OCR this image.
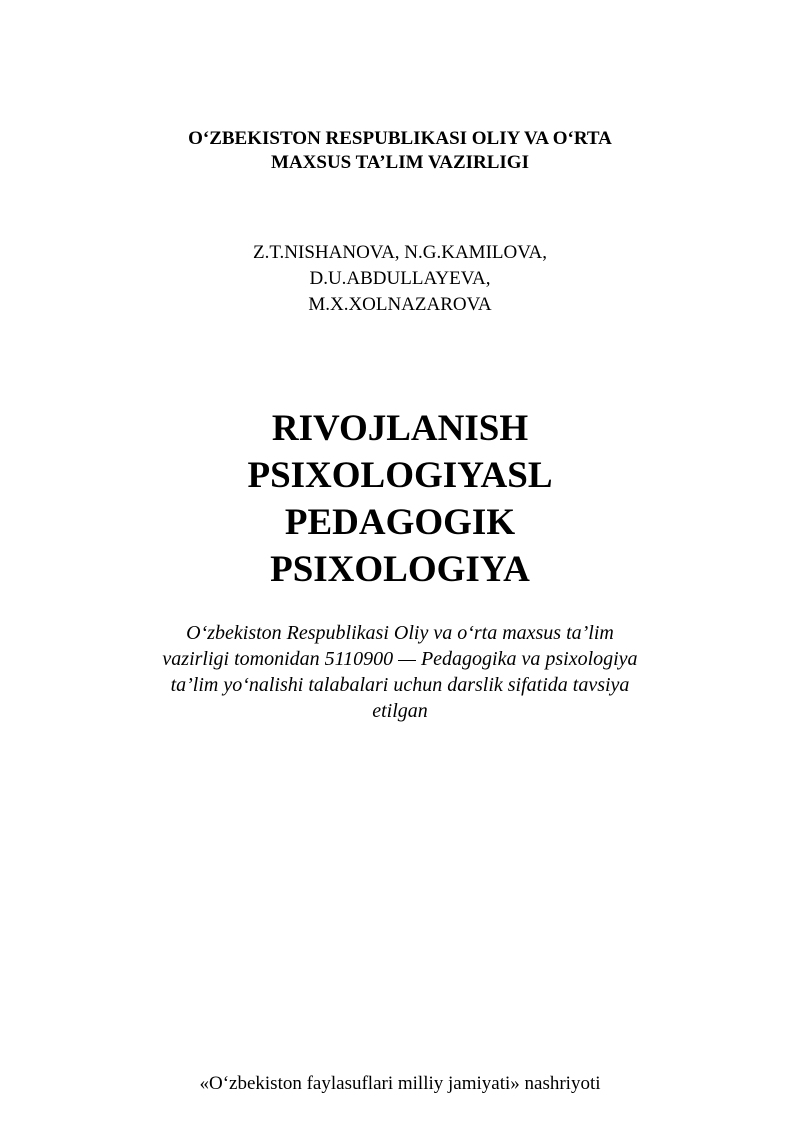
O‘ZBEKISTON RESPUBLIKASI OLIY VA O‘RTA
MAXSUS TA’LIM VAZIRLIGI
Z.T.NISHANOVA, N.G.KAMILOVA,
D.U.ABDULLAYEVA,
M.X.XOLNAZAROVA
RIVOJLANISH
PSIXOLOGIYASL
PEDAGOGIK
PSIXOLOGIYA
O‘zbekiston Respublikasi Oliy va o‘rta maxsus ta’lim
vazirligi tomonidan 5110900 — Pedagogika va psixologiya
ta’lim yo‘nalishi talabalari uchun darslik sifatida tavsiya
etilgan
«O‘zbekiston faylasuflari milliy jamiyati» nashriyoti
